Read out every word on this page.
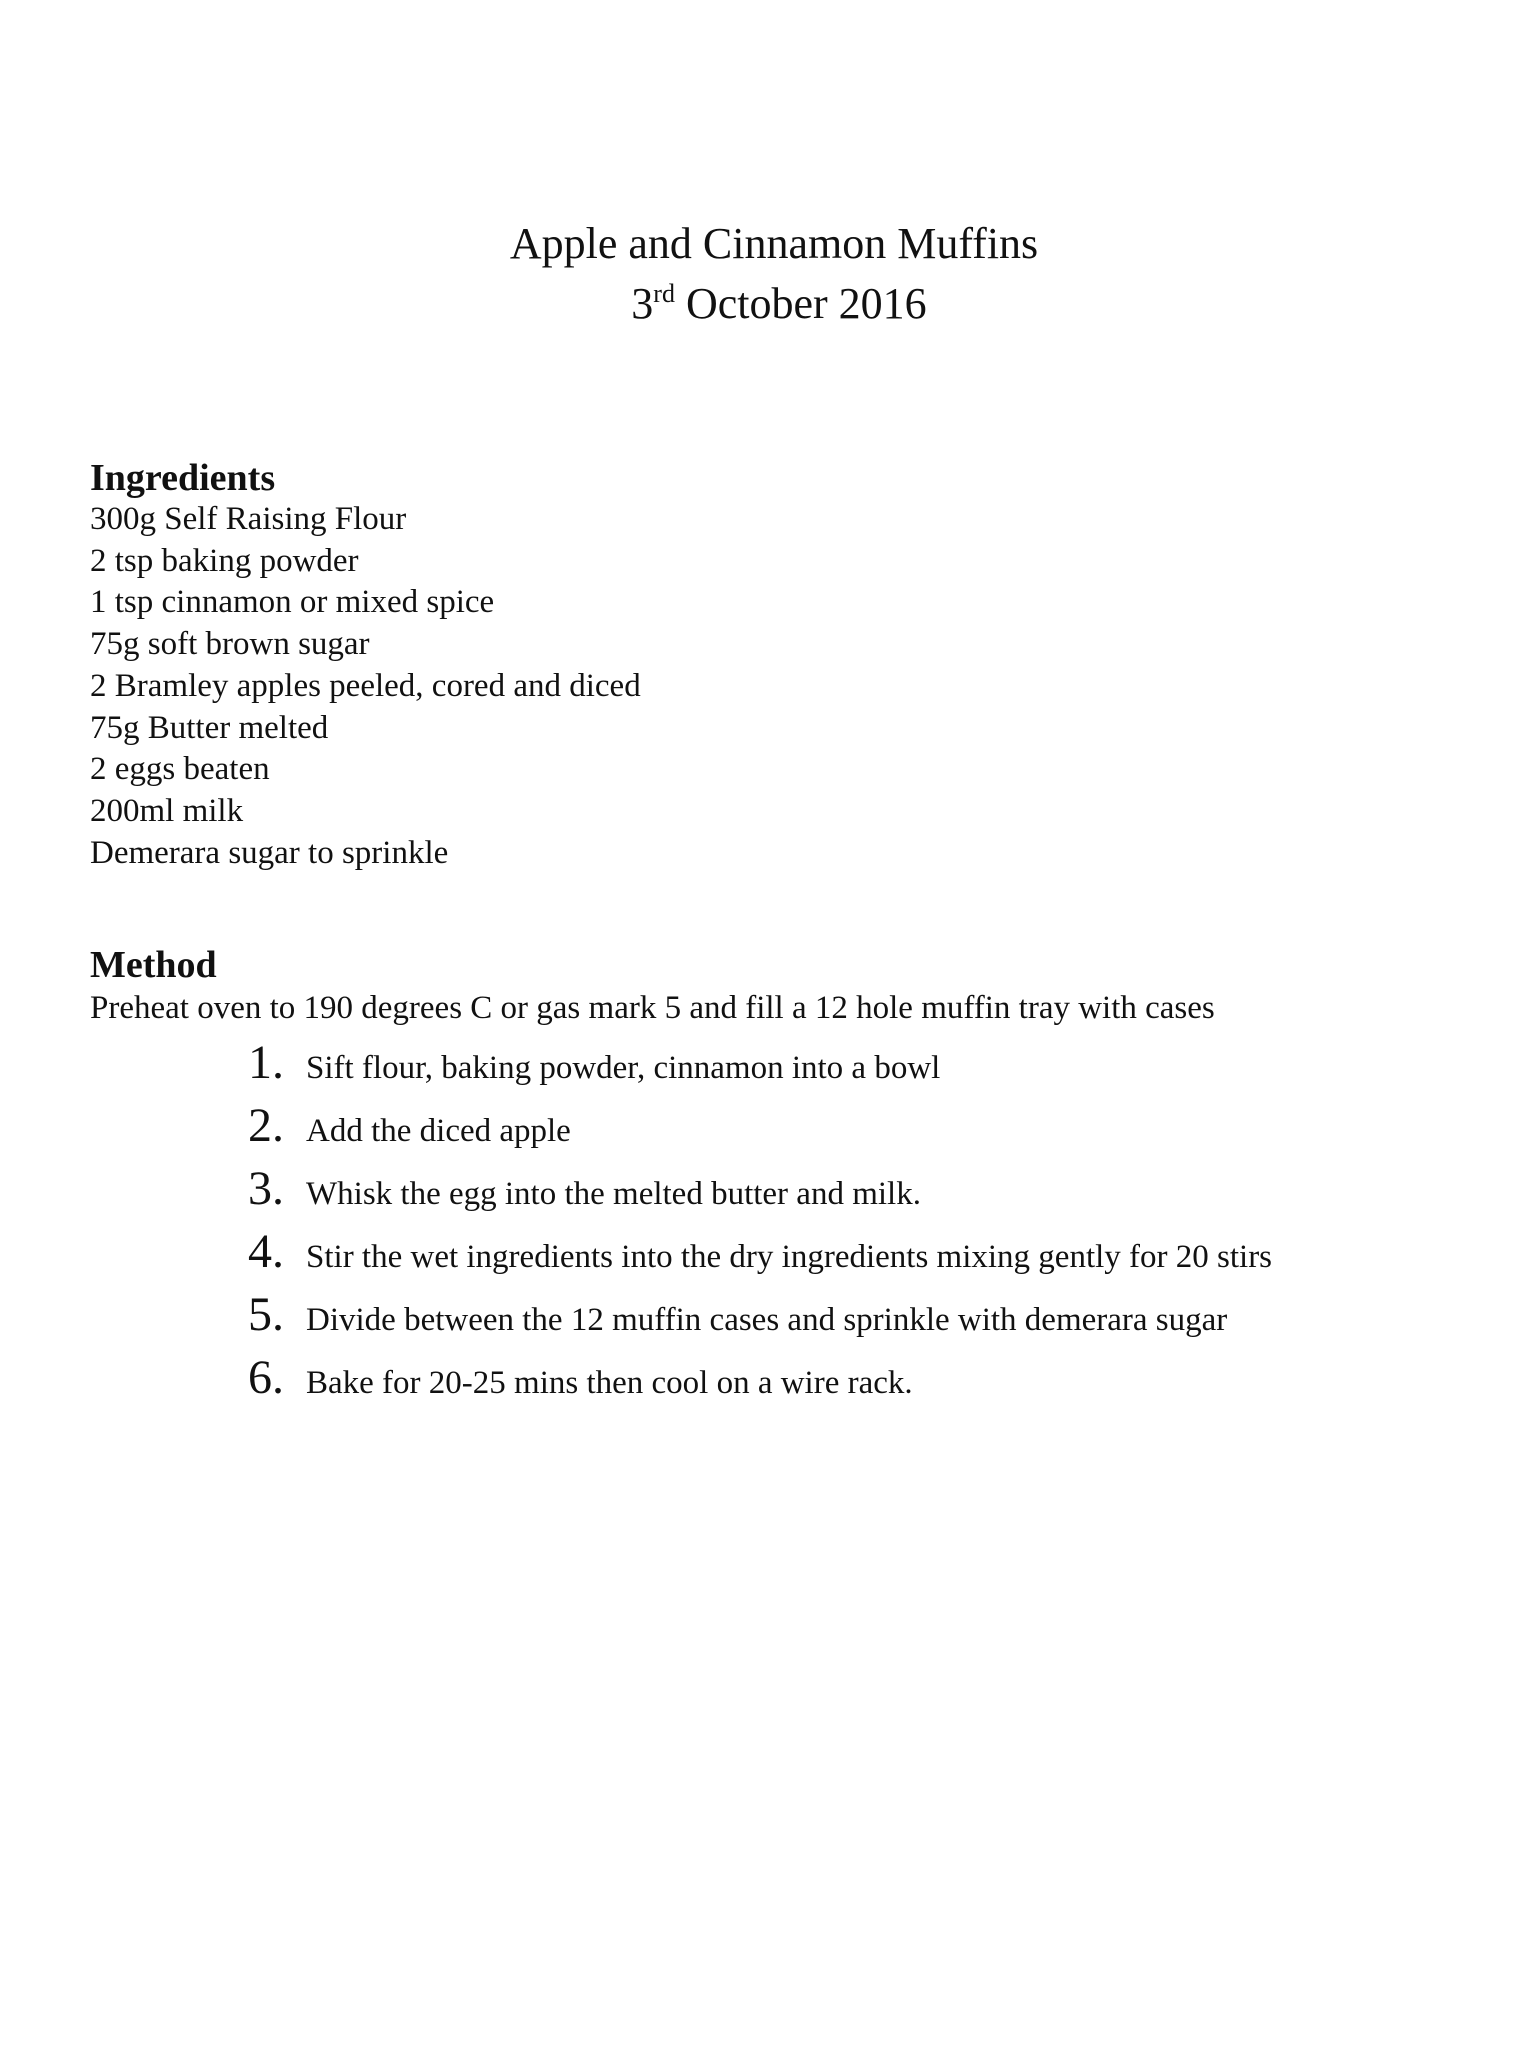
Apple and Cinnamon Muffins
3rd October 2016
Ingredients
300g Self Raising Flour
2 tsp baking powder
1 tsp cinnamon or mixed spice
75g soft brown sugar
2 Bramley apples peeled, cored and diced
75g Butter melted
2 eggs beaten
200ml milk
Demerara sugar to sprinkle
Method
Preheat oven to 190 degrees C or gas mark 5 and fill a 12 hole muffin tray with cases
1. Sift flour, baking powder, cinnamon into a bowl
2. Add the diced apple
3. Whisk the egg into the melted butter and milk.
4. Stir the wet ingredients into the dry ingredients mixing gently for 20 stirs
5. Divide between the 12 muffin cases and sprinkle with demerara sugar
6. Bake for 20-25 mins then cool on a wire rack.
